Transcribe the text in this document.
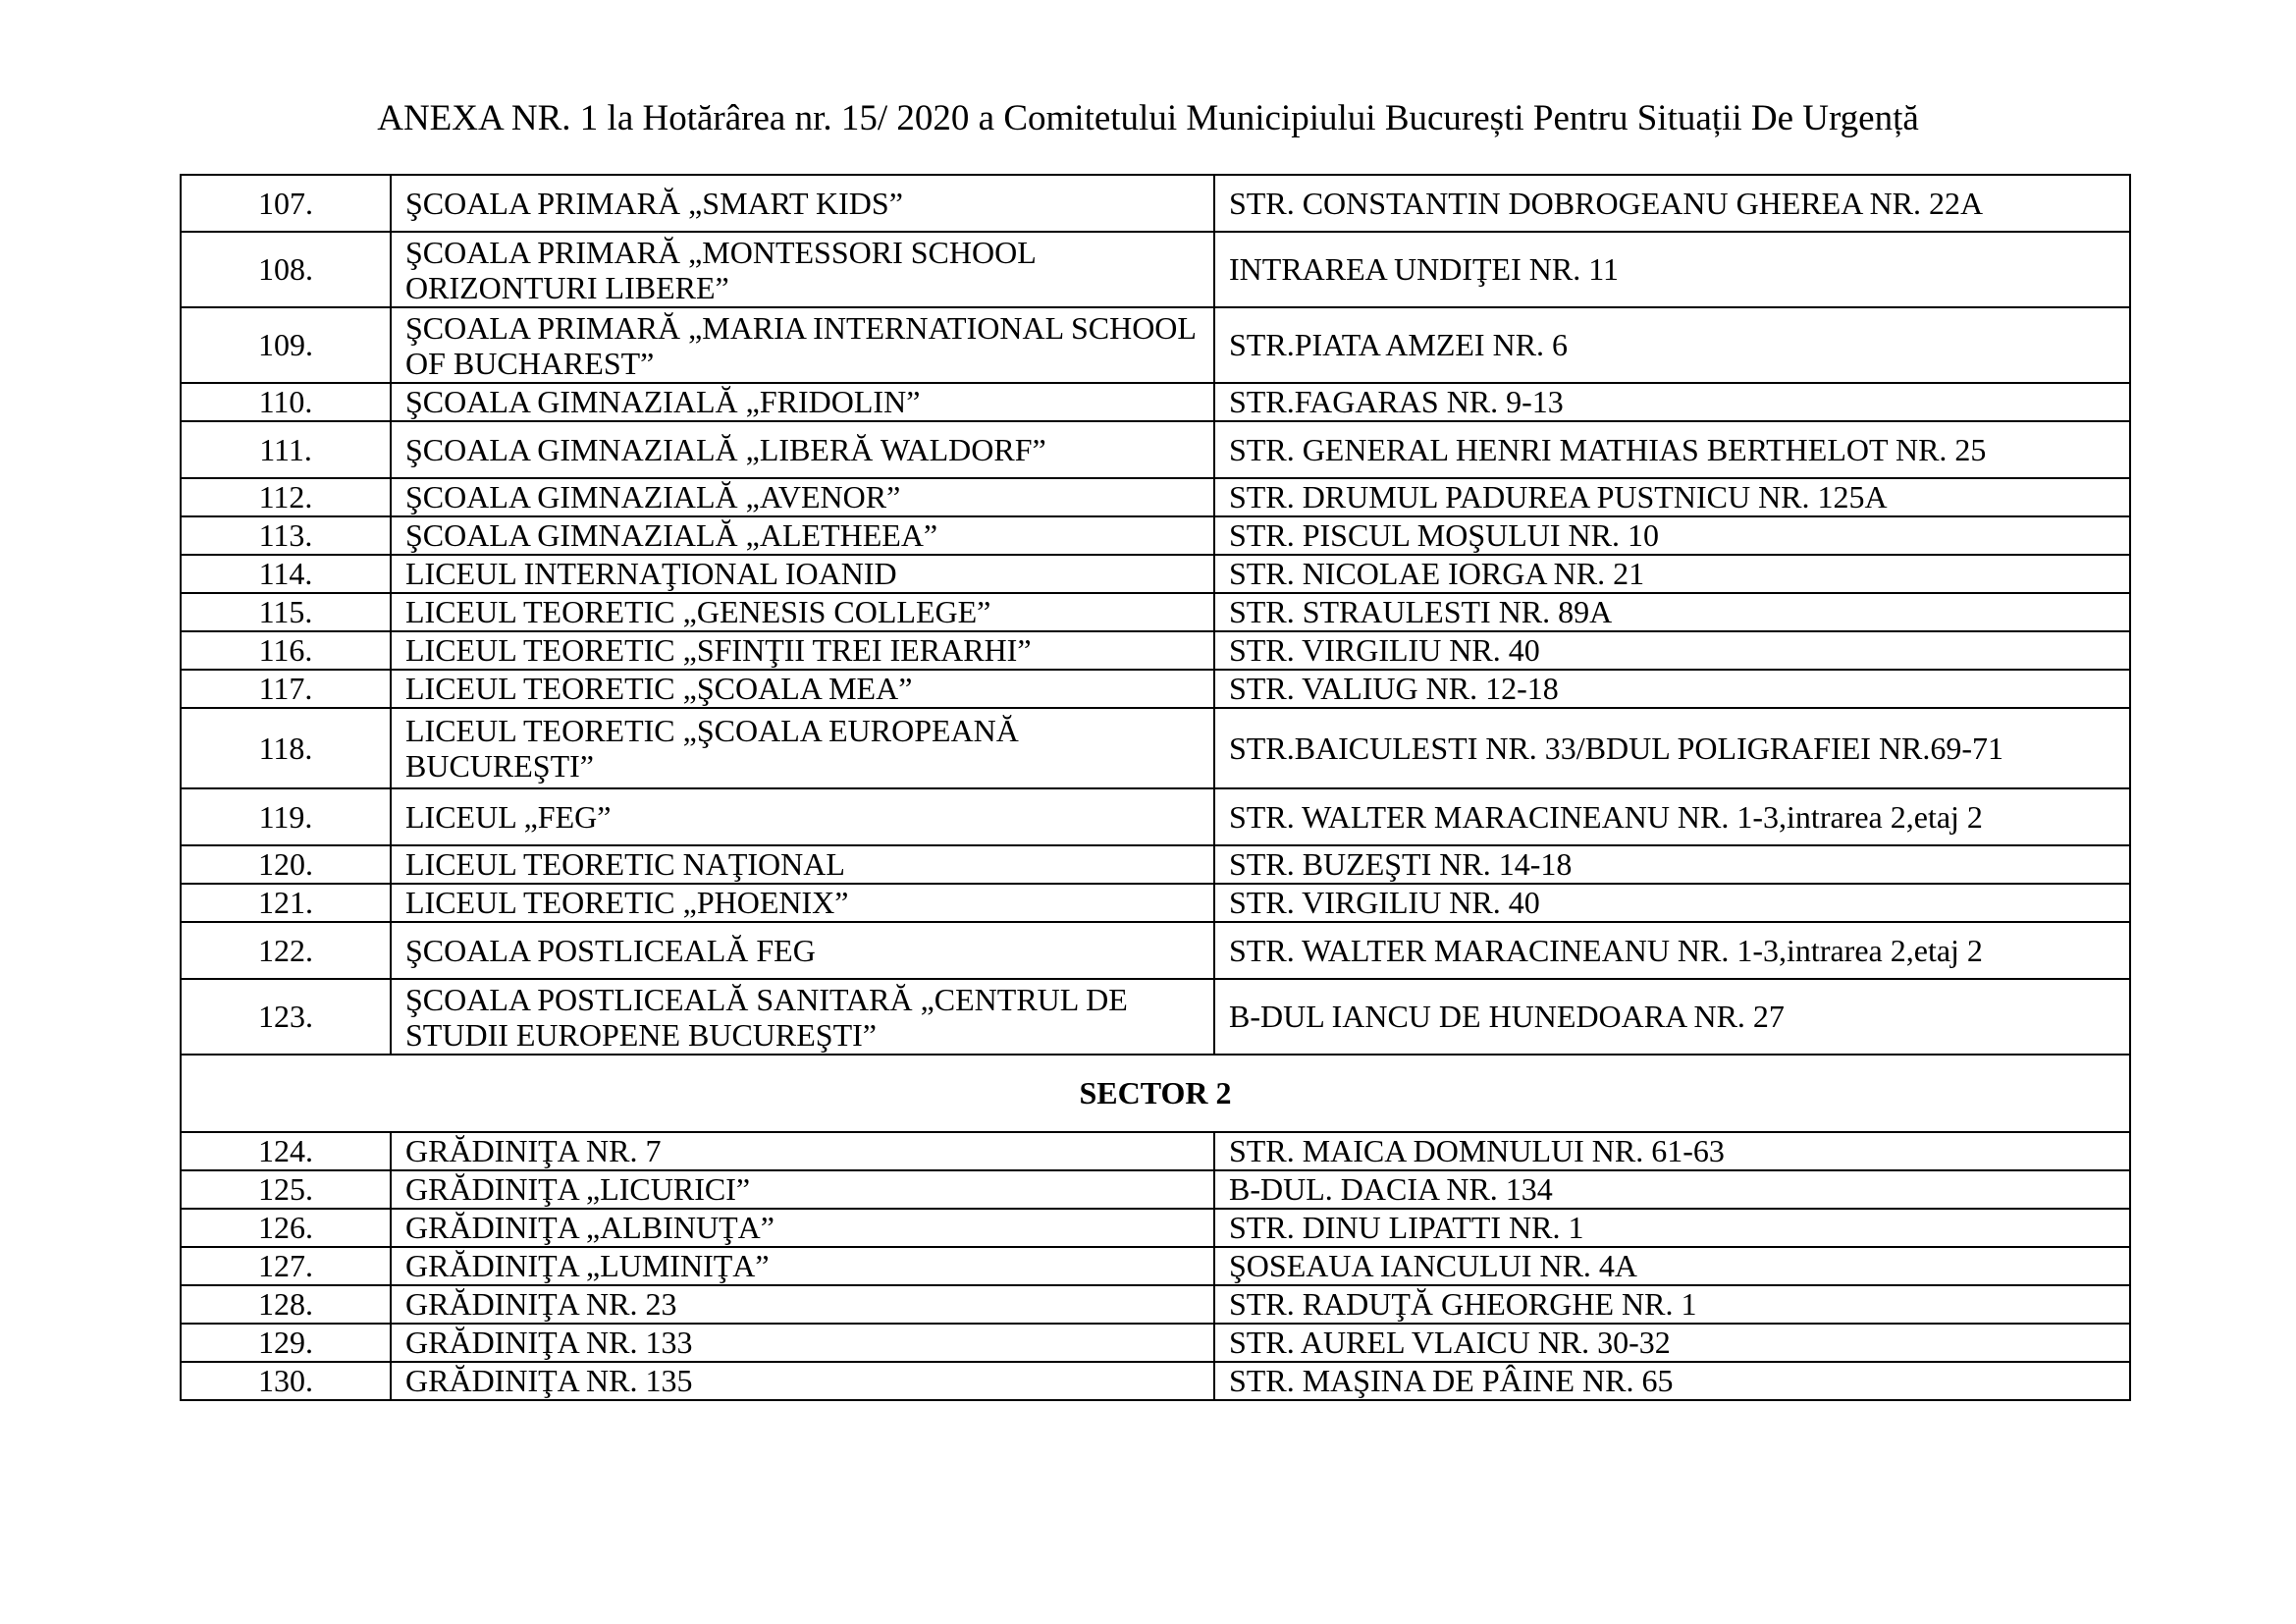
ANEXA NR. 1 la Hotărârea nr. 15/ 2020 a Comitetului Municipiului București Pentru Situații De Urgență
107.	ŞCOALA PRIMARĂ „SMART KIDS”	STR. CONSTANTIN DOBROGEANU GHEREA NR. 22A
108.	ŞCOALA PRIMARĂ „MONTESSORI SCHOOL ORIZONTURI LIBERE”	INTRAREA UNDIŢEI NR. 11
109.	ŞCOALA PRIMARĂ „MARIA INTERNATIONAL SCHOOL OF BUCHAREST”	STR.PIATA AMZEI NR. 6
110.	ŞCOALA GIMNAZIALĂ „FRIDOLIN”	STR.FAGARAS NR. 9-13
111.	ŞCOALA GIMNAZIALĂ „LIBERĂ WALDORF”	STR. GENERAL HENRI MATHIAS BERTHELOT NR. 25
112.	ŞCOALA GIMNAZIALĂ „AVENOR”	STR. DRUMUL PADUREA PUSTNICU NR. 125A
113.	ŞCOALA GIMNAZIALĂ „ALETHEEA”	STR. PISCUL MOŞULUI NR. 10
114.	LICEUL INTERNAŢIONAL IOANID	STR. NICOLAE IORGA NR. 21
115.	LICEUL TEORETIC „GENESIS COLLEGE”	STR. STRAULESTI NR. 89A
116.	LICEUL TEORETIC „SFINŢII TREI IERARHI”	STR. VIRGILIU NR. 40
117.	LICEUL TEORETIC „ŞCOALA MEA”	STR. VALIUG NR. 12-18
118.	LICEUL TEORETIC „ŞCOALA EUROPEANĂ BUCUREŞTI”	STR.BAICULESTI NR. 33/BDUL POLIGRAFIEI NR.69-71
119.	LICEUL „FEG”	STR. WALTER MARACINEANU NR. 1-3,intrarea 2,etaj 2
120.	LICEUL TEORETIC NAŢIONAL	STR. BUZEŞTI NR. 14-18
121.	LICEUL TEORETIC „PHOENIX”	STR. VIRGILIU NR. 40
122.	ŞCOALA POSTLICEALĂ FEG	STR. WALTER MARACINEANU NR. 1-3,intrarea 2,etaj 2
123.	ŞCOALA POSTLICEALĂ SANITARĂ „CENTRUL DE STUDII EUROPENE BUCUREŞTI”	B-DUL IANCU DE HUNEDOARA NR. 27
SECTOR 2		
124.	GRĂDINIŢA NR. 7	STR. MAICA DOMNULUI NR. 61-63
125.	GRĂDINIŢA „LICURICI”	B-DUL. DACIA NR. 134
126.	GRĂDINIŢA „ALBINUŢA”	STR. DINU LIPATTI NR. 1
127.	GRĂDINIŢA „LUMINIŢA”	ŞOSEAUA IANCULUI NR. 4A
128.	GRĂDINIŢA NR. 23	STR. RADUŢĂ GHEORGHE NR. 1
129.	GRĂDINIŢA NR. 133	STR. AUREL VLAICU NR. 30-32
130.	GRĂDINIŢA NR. 135	STR. MAŞINA DE PÂINE NR. 65
